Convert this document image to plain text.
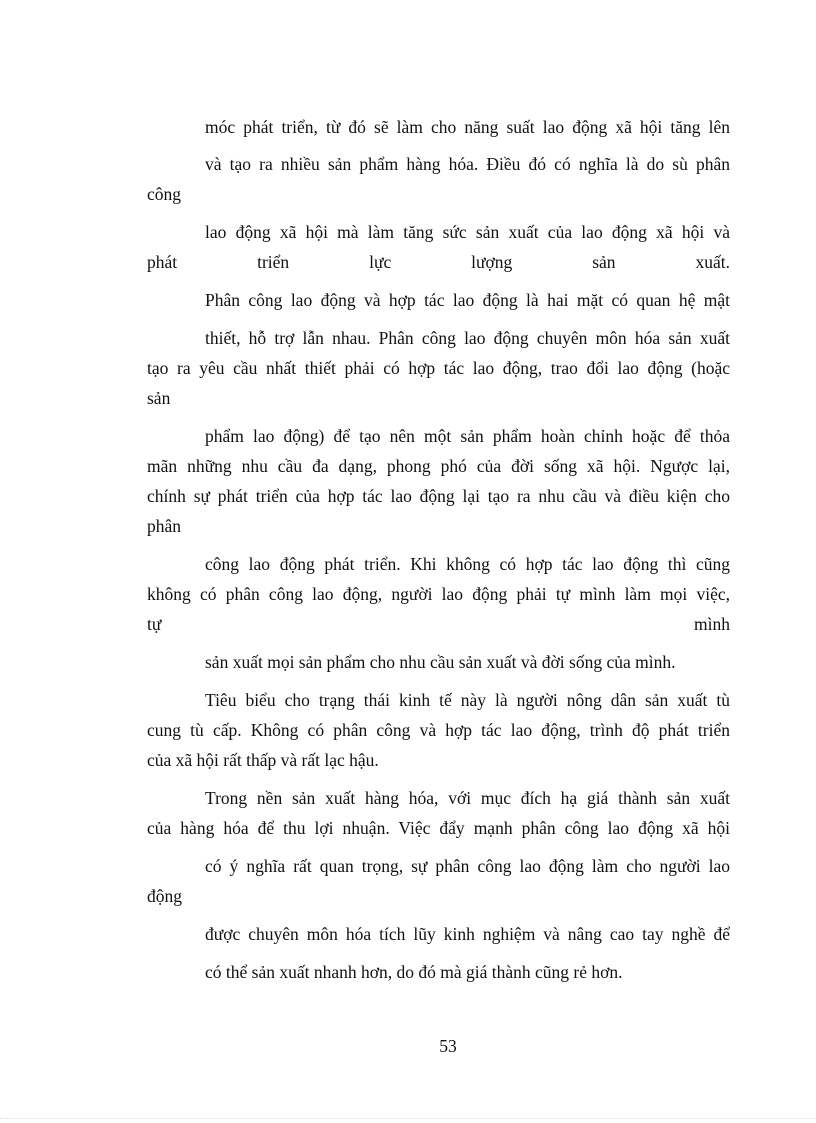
móc phát triển, từ đó sẽ làm cho năng suất lao động xã hội tăng lên
và tạo ra nhiều sản phẩm hàng hóa. Điều đó có nghĩa là do sù phân
công
lao động xã hội mà làm tăng sức sản xuất của lao động xã hội và
phát triển lực lượng sản xuất.
Phân công lao động và hợp tác lao động là hai mặt có quan hệ mật
thiết, hỗ trợ lẫn nhau. Phân công lao động chuyên môn hóa sản xuất
tạo ra yêu cầu nhất thiết phải có hợp tác lao động, trao đổi lao động (hoặc
sản
phẩm lao động) để tạo nên một sản phẩm hoàn chỉnh hoặc để thỏa
mãn những nhu cầu đa dạng, phong phó của đời sống xã hội. Ngược lại,
chính sự phát triển của hợp tác lao động lại tạo ra nhu cầu và điều kiện cho
phân
công lao động phát triển. Khi không có hợp tác lao động thì cũng
không có phân công lao động, người lao động phải tự mình làm mọi việc,
tự mình
sản xuất mọi sản phẩm cho nhu cầu sản xuất và đời sống của mình.
Tiêu biểu cho trạng thái kinh tế này là người nông dân sản xuất tù
cung tù cấp. Không có phân công và hợp tác lao động, trình độ phát triển
của xã hội rất thấp và rất lạc hậu.
Trong nền sản xuất hàng hóa, với mục đích hạ giá thành sản xuất
của hàng hóa để thu lợi nhuận. Việc đẩy mạnh phân công lao động xã hội
có ý nghĩa rất quan trọng, sự phân công lao động làm cho người lao
động
được chuyên môn hóa tích lũy kinh nghiệm và nâng cao tay nghề để
có thể sản xuất nhanh hơn, do đó mà giá thành cũng rẻ hơn.
53
